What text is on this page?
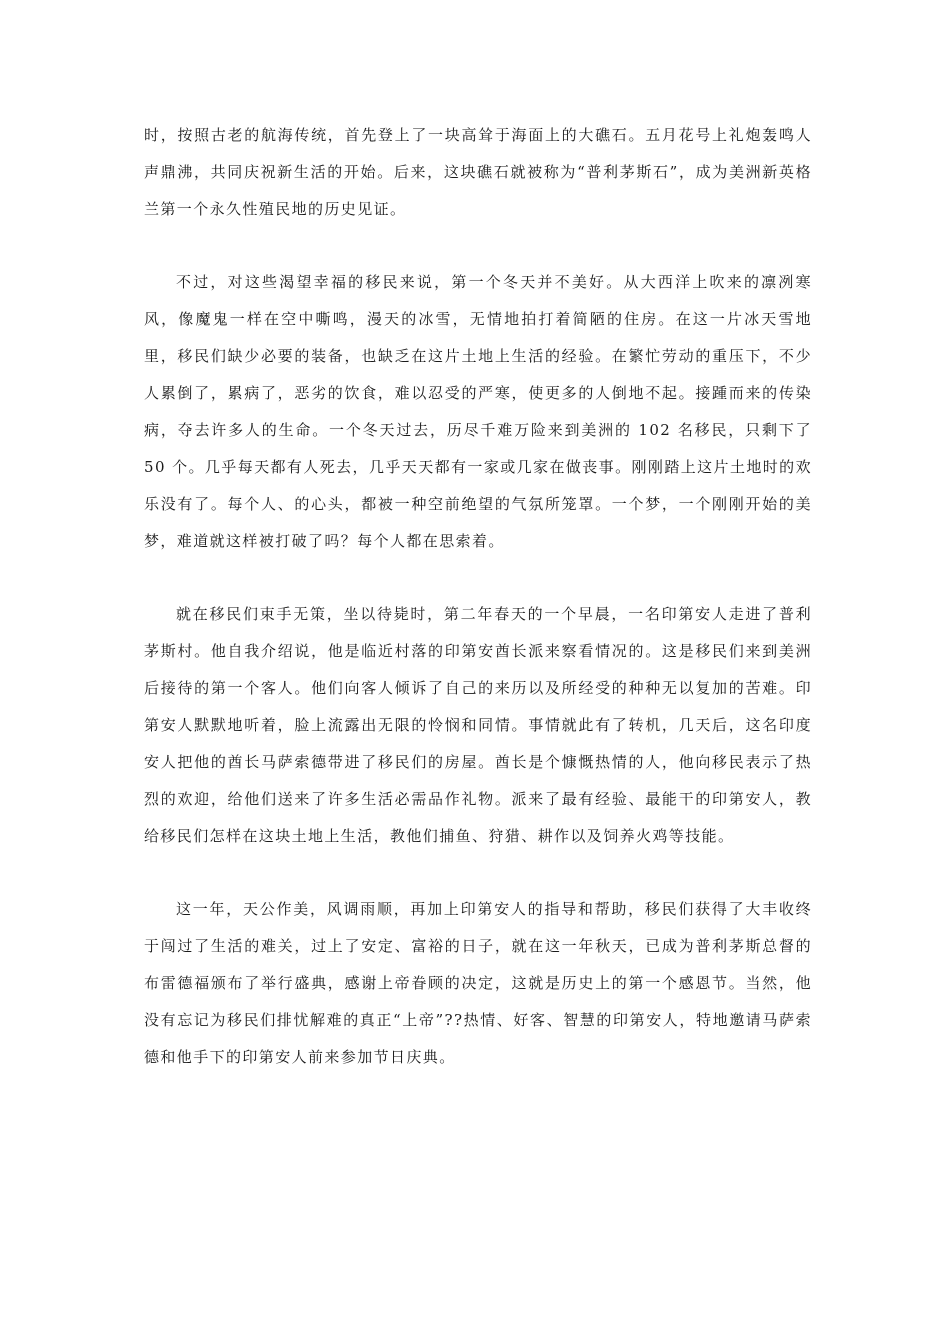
时，按照古老的航海传统，首先登上了一块高耸于海面上的大礁石。五月花号上礼炮轰鸣人声鼎沸，共同庆祝新生活的开始。后来，这块礁石就被称为“普利茅斯石”，成为美洲新英格兰第一个永久性殖民地的历史见证。

不过，对这些渴望幸福的移民来说，第一个冬天并不美好。从大西洋上吹来的凛冽寒风，像魔鬼一样在空中嘶鸣，漫天的冰雪，无情地拍打着简陋的住房。在这一片冰天雪地里，移民们缺少必要的装备，也缺乏在这片土地上生活的经验。在繁忙劳动的重压下，不少人累倒了，累病了，恶劣的饮食，难以忍受的严寒，使更多的人倒地不起。接踵而来的传染病，夺去许多人的生命。一个冬天过去，历尽千难万险来到美洲的 102 名移民，只剩下了 50 个。几乎每天都有人死去，几乎天天都有一家或几家在做丧事。刚刚踏上这片土地时的欢乐没有了。每个人、的心头，都被一种空前绝望的气氛所笼罩。一个梦，一个刚刚开始的美梦，难道就这样被打破了吗？每个人都在思索着。

就在移民们束手无策，坐以待毙时，第二年春天的一个早晨，一名印第安人走进了普利茅斯村。他自我介绍说，他是临近村落的印第安酋长派来察看情况的。这是移民们来到美洲后接待的第一个客人。他们向客人倾诉了自己的来历以及所经受的种种无以复加的苦难。印第安人默默地听着，脸上流露出无限的怜悯和同情。事情就此有了转机，几天后，这名印度安人把他的酋长马萨索德带进了移民们的房屋。酋长是个慷慨热情的人，他向移民表示了热烈的欢迎，给他们送来了许多生活必需品作礼物。派来了最有经验、最能干的印第安人，教给移民们怎样在这块土地上生活，教他们捕鱼、狩猎、耕作以及饲养火鸡等技能。

这一年，天公作美，风调雨顺，再加上印第安人的指导和帮助，移民们获得了大丰收终于闯过了生活的难关，过上了安定、富裕的日子，就在这一年秋天，已成为普利茅斯总督的布雷德福颁布了举行盛典，感谢上帝眷顾的决定，这就是历史上的第一个感恩节。当然，他没有忘记为移民们排忧解难的真正“上帝”??热情、好客、智慧的印第安人，特地邀请马萨索德和他手下的印第安人前来参加节日庆典。
